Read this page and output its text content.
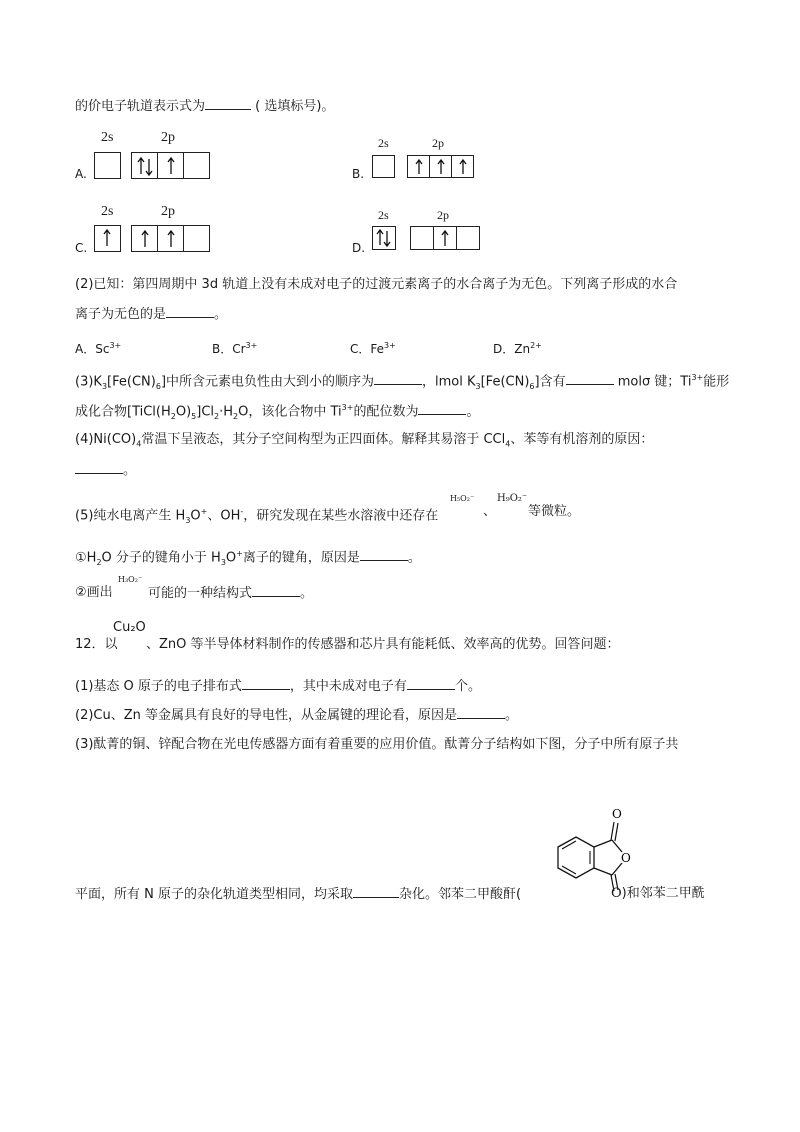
的价电子轨道表示式为	( 选填标号)。
2s	2p
A.
2s	2p
B.
2s	2p
C.
2s	2p
D.
(2)已知：第四周期中 3d 轨道上没有未成对电子的过渡元素离子的水合离子为无色。下列离子形成的水合
离子为无色的是	。
A．$Sc^{3+}$	B．$Cr^{3+}$	C．$Fe^{3+}$	D．$Zn^{2+}$
$(3)K_3[Fe(CN)_6]$中所含元素电负性由大到小的顺序为	，lmol $K_3[Fe(CN)_6]$含有	molσ 键；$Ti^{3+}$能形
成化合物$[TiCl(H_2O)_5]Cl_2\cdot H_2O$，该化合物中 $Ti^{3+}$的配位数为	。
$(4)Ni(CO)_4$常温下呈液态，其分子空间构型为正四面体。解释其易溶于 CCl$_4$、苯等有机溶剂的原因：
。
(5)纯水电离产生 $H_3O^+$、OH-，研究发现在某些水溶液中还存在
H₅O₂⁻
、
H₉O₂⁻
等微粒。
$①H_2O$ 分子的键角小于 $H_3O^+$离子的键角，原因是	。
②画出
H₃O₂⁻
可能的一种结构式	。
12．以
Cu₂O
、ZnO 等半导体材料制作的传感器和芯片具有能耗低、效率高的优势。回答问题：
(1)基态 O 原子的电子排布式	，其中未成对电子有	个。
(2)Cu、Zn 等金属具有良好的导电性，从金属键的理论看，原因是	。
(3)酞菁的铜、锌配合物在光电传感器方面有着重要的应用价值。酞菁分子结构如下图，分子中所有原子共
O
O
平面，所有 N 原子的杂化轨道类型相同，均采取	杂化。邻苯二甲酸酐(	O)和邻苯二甲酰
